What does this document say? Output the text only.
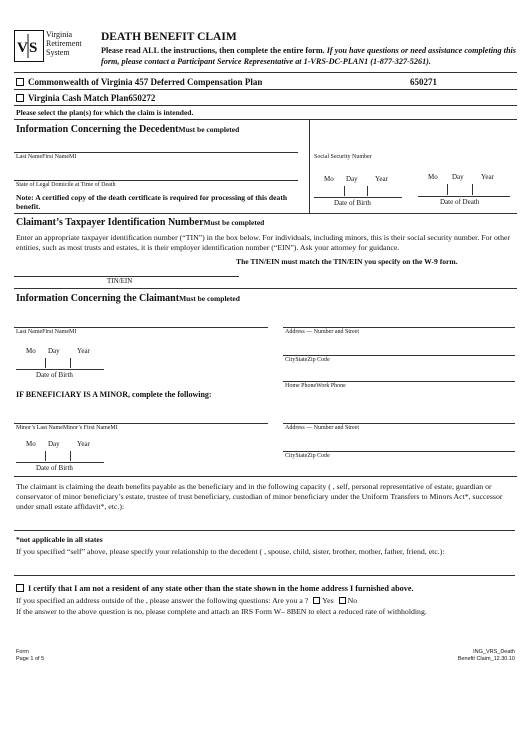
V S
Virginia
Retirement
System
DEATH BENEFIT CLAIM
Please read ALL the instructions, then complete the entire form. If you have questions or need assistance completing this form, please contact a Participant Service Representative at 1-VRS-DC-PLAN1 (1-877-327-5261).
Commonwealth of Virginia 457 Deferred Compensation Plan	650271
Virginia Cash Match Plan650272
Please select the plan(s) for which the claim is intended.
Information Concerning the DecedentMust be completed
Last NameFirst NameMI	Social Security Number
State of Legal Domicile at Time of Death
Mo Day Year
Date of Birth
Mo Day Year
Date of Death
Note: A certified copy of the death certificate is required for processing of this death benefit.
Claimant’s Taxpayer Identification NumberMust be completed
Enter an appropriate taxpayer identification number (“TIN”) in the box below. For individuals, including minors, this is their social security number. For other entities, such as most trusts and estates, it is their employer identification number (“EIN”). Ask your attorney for guidance.
The TIN/EIN must match the TIN/EIN you specify on the W-9 form.
TIN/EIN
Information Concerning the ClaimantMust be completed
Last NameFirst NameMI	Address — Number and Street
Mo Day Year
Date of Birth
CityStateZip Code
Home PhoneWork Phone
IF BENEFICIARY IS A MINOR, complete the following:
Minor’s Last NameMinor’s First NameMI	Address — Number and Street
Mo Day Year
Date of Birth
CityStateZip Code
The claimant is claiming the death benefits payable as the beneficiary and in the following capacity ( , self, personal representative of estate, guardian or conservator of minor beneficiary’s estate, trustee of trust beneficiary, custodian of minor beneficiary under the Uniform Transfers to Minors Act*, successor under small estate affidavit*, etc.):
*not applicable in all states
If you specified “self” above, please specify your relationship to the decedent ( , spouse, child, sister, brother, mother, father, friend, etc.):
I certify that I am not a resident of any state other than the state shown in the home address I furnished above.
If you specified an address outside of the , please answer the following questions: Are you a ? Yes No
If the answer to the above question is no, please complete and attach an IRS Form W– 8BEN to elect a reduced rate of withholding.
Form
Page 1 of 5
ING_VRS_Death
Benefit Claim_12.30.10
